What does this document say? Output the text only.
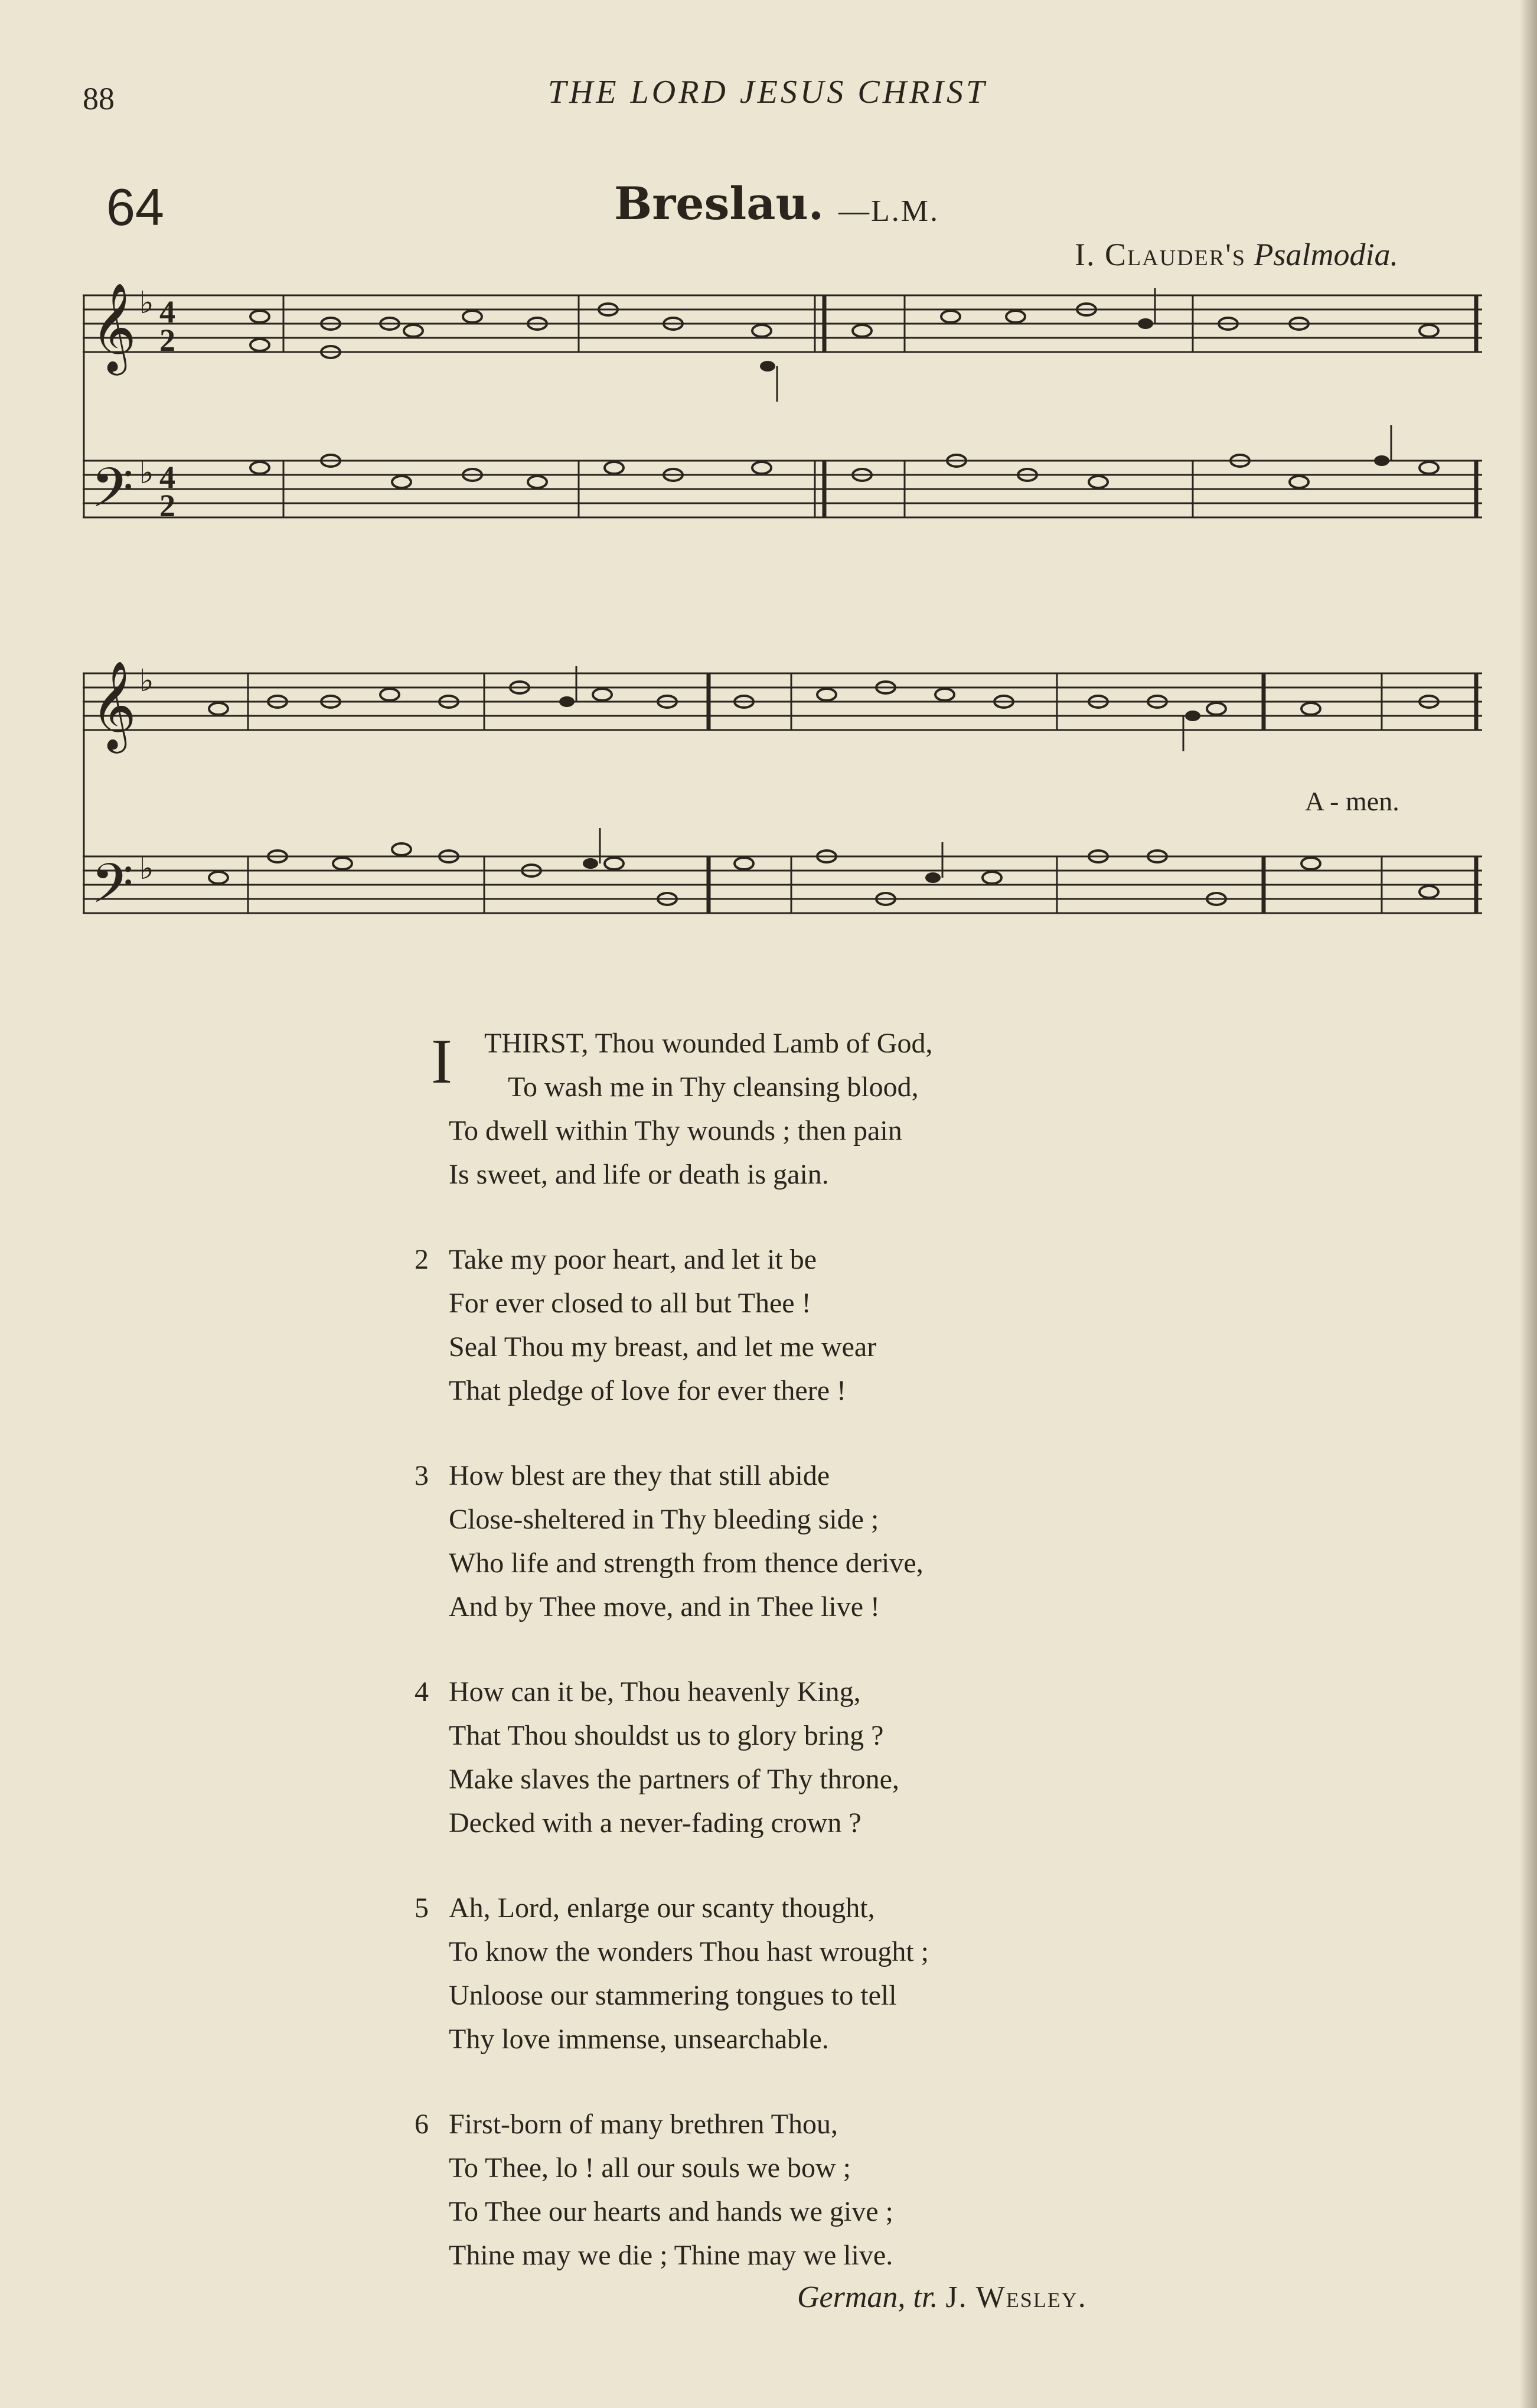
88	THE LORD JESUS CHRIST
64	Breslau. —L.M.
I. Clauder's Psalmodia.
𝄞
𝄢
4
2
4
2
♭
♭
𝄞
𝄢
♭
♭
A - men.
I	THIRST, Thou wounded Lamb of God,
To wash me in Thy cleansing blood,
To dwell within Thy wounds ; then pain
Is sweet, and life or death is gain.
2 Take my poor heart, and let it be
For ever closed to all but Thee !
Seal Thou my breast, and let me wear
That pledge of love for ever there !
3 How blest are they that still abide
Close-sheltered in Thy bleeding side ;
Who life and strength from thence derive,
And by Thee move, and in Thee live !
4 How can it be, Thou heavenly King,
That Thou shouldst us to glory bring ?
Make slaves the partners of Thy throne,
Decked with a never-fading crown ?
5 Ah, Lord, enlarge our scanty thought,
To know the wonders Thou hast wrought ;
Unloose our stammering tongues to tell
Thy love immense, unsearchable.
6 First-born of many brethren Thou,
To Thee, lo ! all our souls we bow ;
To Thee our hearts and hands we give ;
Thine may we die ; Thine may we live.
German, tr. J. Wesley.
